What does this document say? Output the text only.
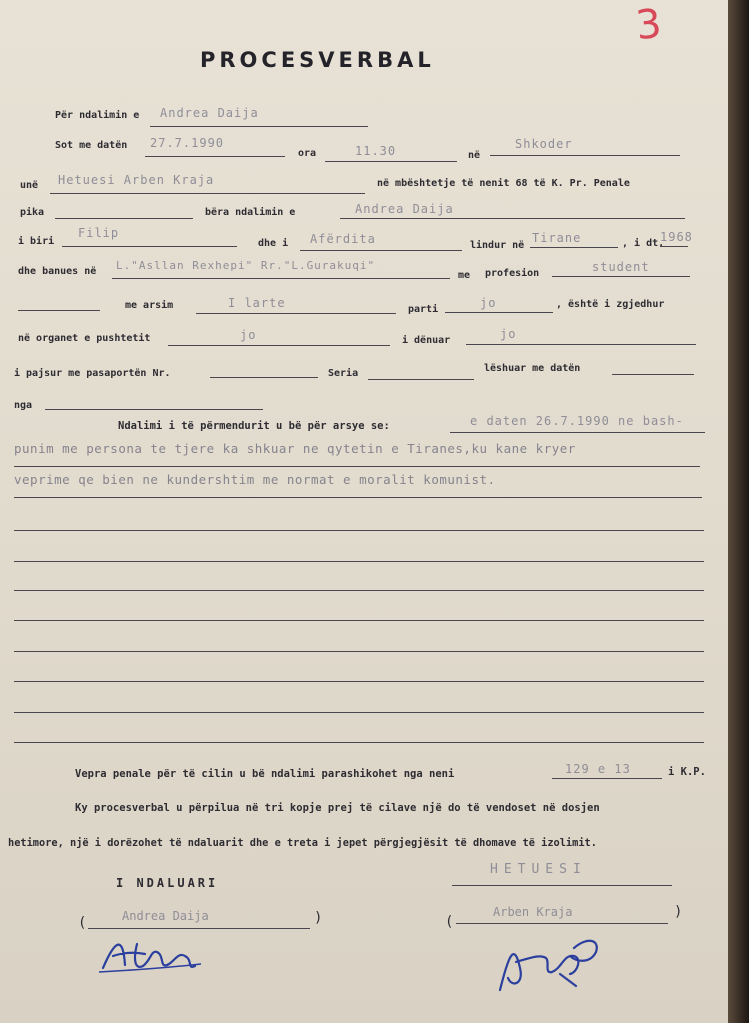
3
PROCESVERBAL
Për ndalimin e Andrea Daija
Sot me datën 27.7.1990
ora	11.30	në
Shkoder
unë Hetuesi Arben Kraja	në mbështetje të nenit 68 të K. Pr. Penale
pika	bëra ndalimin e	Andrea Daija
i biri
Filip
dhe i Afërdita	lindur në
Tirane	, i dt.
1968
dhe banues në L."Asllan Rexhepi" Rr."L.Gurakuqi"
me profesion	student
me arsim	I larte	parti	jo	, është i zgjedhur
në organet e pushtetit	jo	i dënuar	jo
i pajsur me pasaportën Nr.	Seria	lëshuar me datën
nga
Ndalimi i të përmendurit u bë për arsye se:	e daten 26.7.1990 ne bash-
punim me persona te tjere ka shkuar ne qytetin e Tiranes,ku kane kryer
veprime qe bien ne kundershtim me normat e moralit komunist.
Vepra penale për të cilin u bë ndalimi parashikohet nga neni	129 e 13	i K.P.
Ky procesverbal u përpilua në tri kopje prej të cilave një do të vendoset në dosjen
hetimore, një i dorëzohet të ndaluarit dhe e treta i jepet përgjegjësit të dhomave të izolimit.
I NDALUARI
(	Andrea Daija	)
HETUESI
(
Arben Kraja	)
